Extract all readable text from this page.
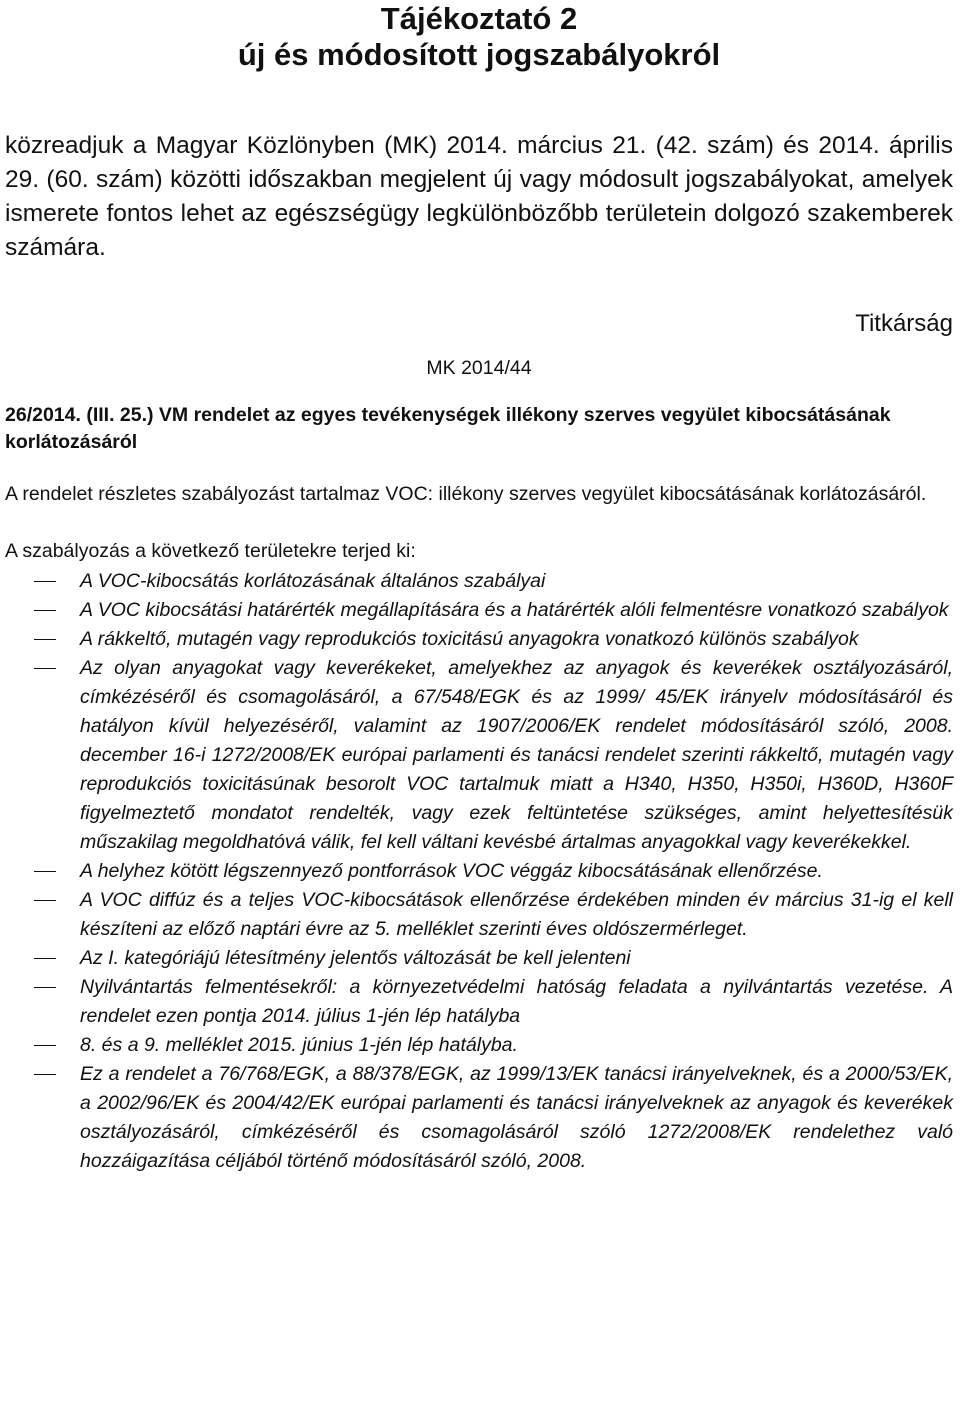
Tájékoztató 2
új és módosított jogszabályokról

közreadjuk a Magyar Közlönyben (MK) 2014. március 21. (42. szám) és 2014. április 29. (60. szám) közötti időszakban megjelent új vagy módosult jogszabályokat, amelyek ismerete fontos lehet az egészségügy legkülönbözőbb területein dolgozó szakemberek számára.

Titkárság

MK 2014/44

26/2014. (III. 25.) VM rendelet az egyes tevékenységek illékony szerves vegyület kibocsátásának korlátozásáról

A rendelet részletes szabályozást tartalmaz VOC: illékony szerves vegyület kibocsátásának korlátozásáról.

A szabályozás a következő területekre terjed ki:

A VOC-kibocsátás korlátozásának általános szabályai
A VOC kibocsátási határérték megállapítására és a határérték alóli felmentésre vonatkozó szabályok
A rákkeltő, mutagén vagy reprodukciós toxicitású anyagokra vonatkozó különös szabályok
Az olyan anyagokat vagy keverékeket, amelyekhez az anyagok és keverékek osztályozásáról, címkézéséről és csomagolásáról, a 67/548/EGK és az 1999/ 45/EK irányelv módosításáról és hatályon kívül helyezéséről, valamint az 1907/2006/EK rendelet módosításáról szóló, 2008. december 16-i 1272/2008/EK európai parlamenti és tanácsi rendelet szerinti rákkeltő, mutagén vagy reprodukciós toxicitásúnak besorolt VOC tartalmuk miatt a H340, H350, H350i, H360D, H360F figyelmeztető mondatot rendelték, vagy ezek feltüntetése szükséges, amint helyettesítésük műszakilag megoldhatóvá válik, fel kell váltani kevésbé ártalmas anyagokkal vagy keverékekkel.
A helyhez kötött légszennyező pontforrások VOC véggáz kibocsátásának ellenőrzése.
A VOC diffúz és a teljes VOC-kibocsátások ellenőrzése érdekében minden év március 31-ig el kell készíteni az előző naptári évre az 5. melléklet szerinti éves oldószermérleget.
Az I. kategóriájú létesítmény jelentős változását be kell jelenteni
Nyilvántartás felmentésekről: a környezetvédelmi hatóság feladata a nyilvántartás vezetése. A rendelet ezen pontja 2014. július 1-jén lép hatályba
8. és a 9. melléklet 2015. június 1-jén lép hatályba.
Ez a rendelet a 76/768/EGK, a 88/378/EGK, az 1999/13/EK tanácsi irányelveknek, és a 2000/53/EK, a 2002/96/EK és 2004/42/EK európai parlamenti és tanácsi irányelveknek az anyagok és keverékek osztályozásáról, címkézéséről és csomagolásáról szóló 1272/2008/EK rendelethez való hozzáigazítása céljából történő módosításáról szóló, 2008.
